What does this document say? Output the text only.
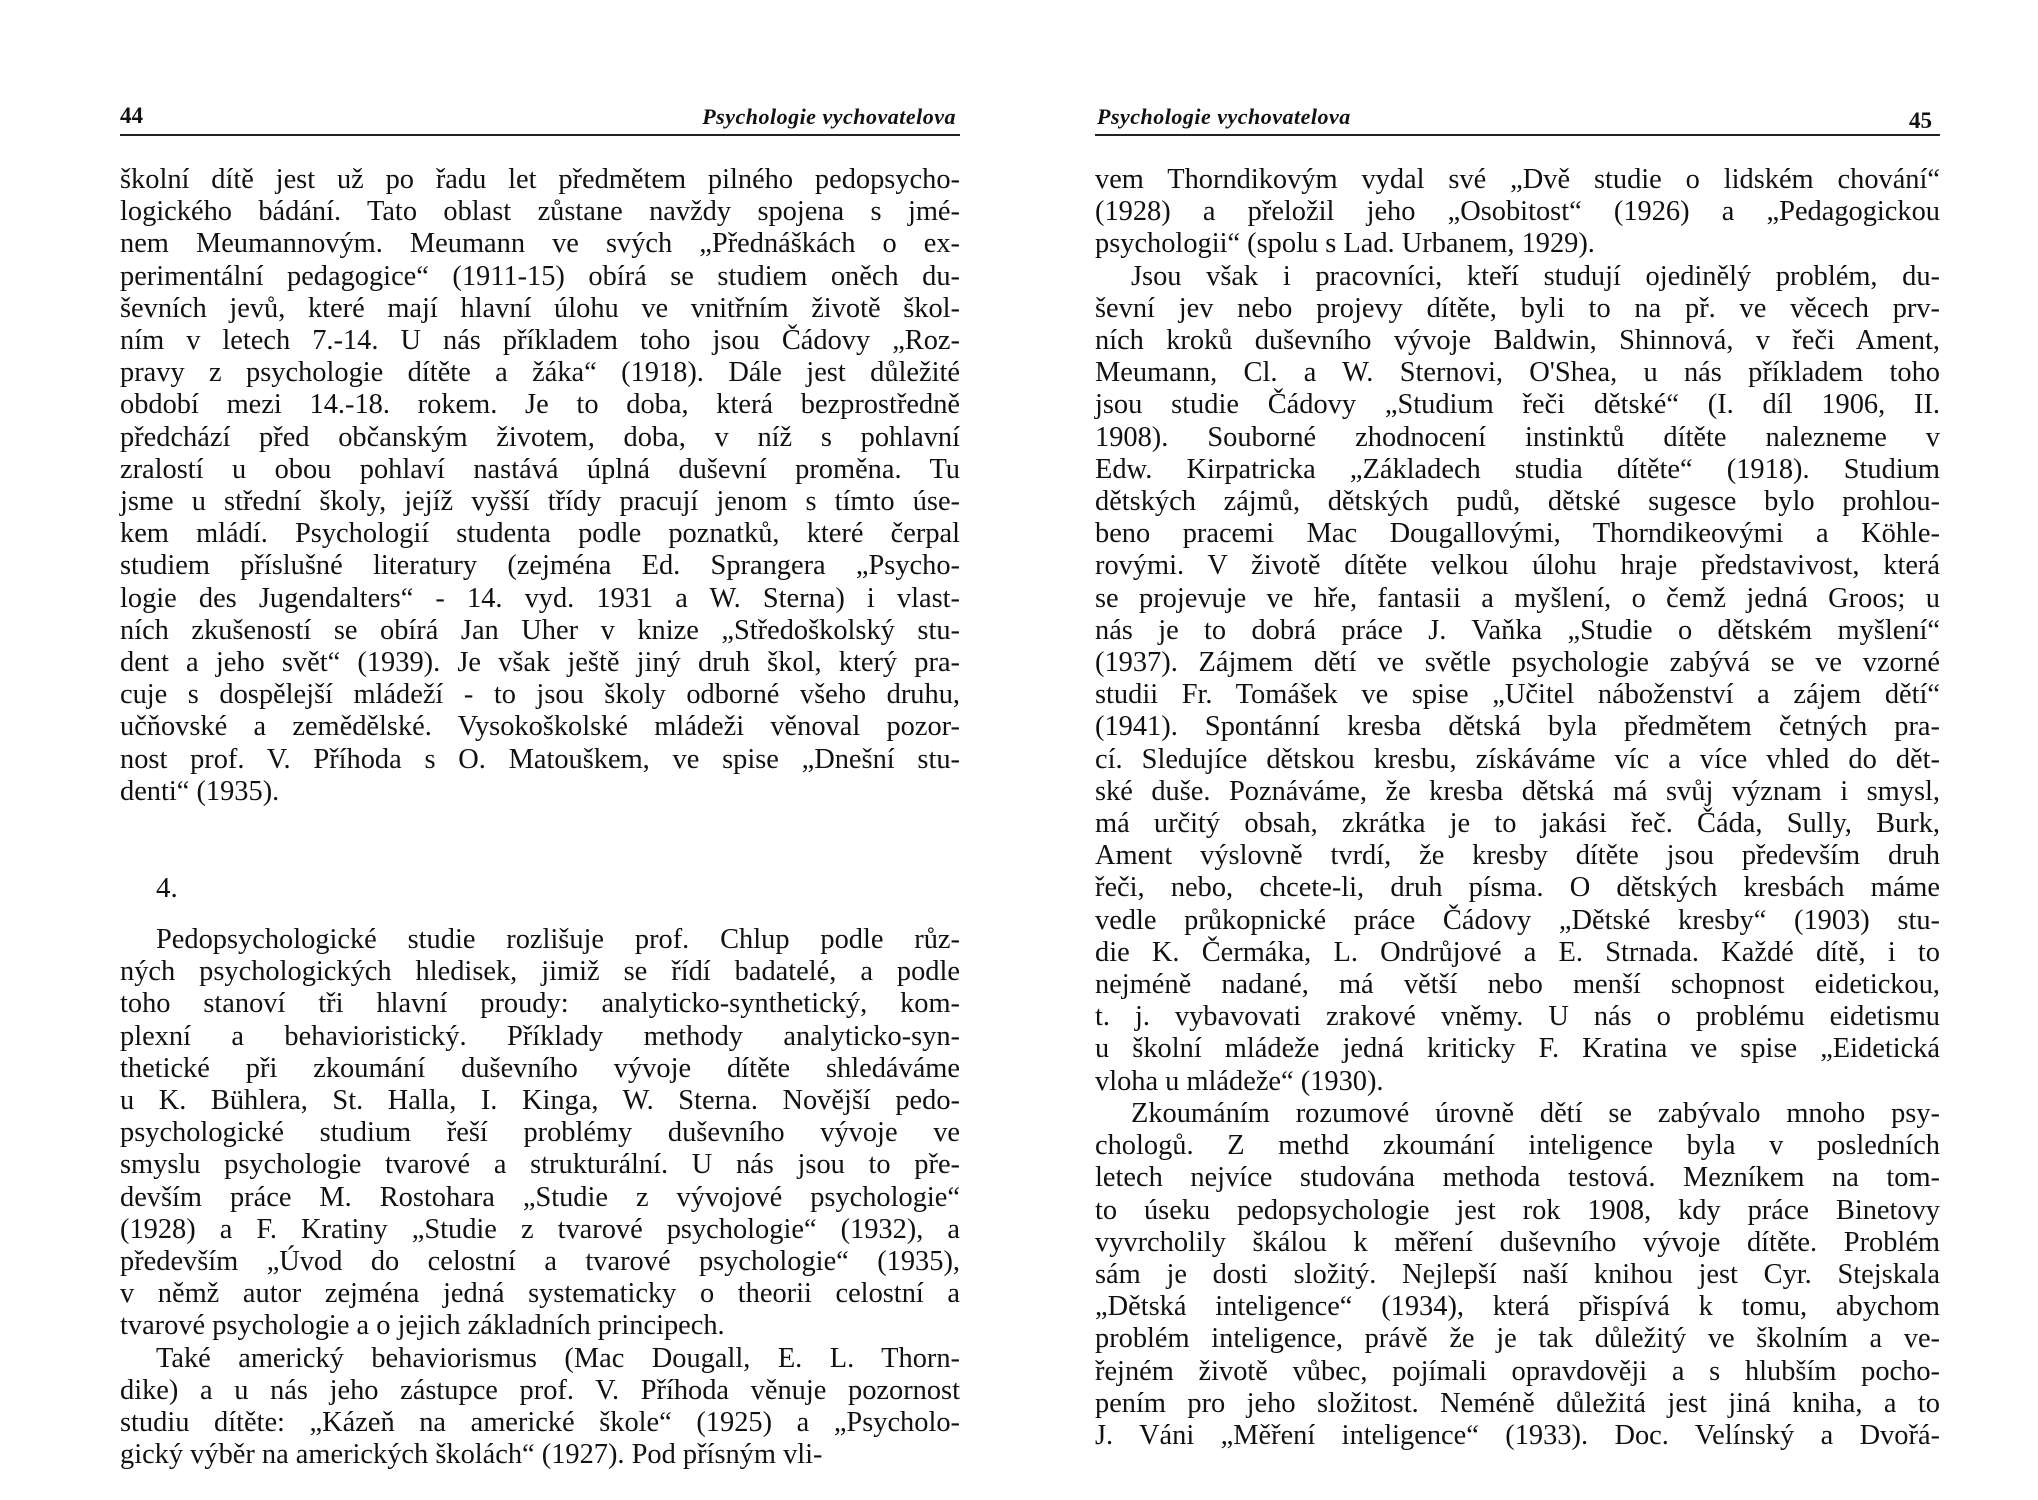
44	Psychologie vychovatelova
školní dítě jest už po řadu let předmětem pilného pedopsycho-
logického bádání. Tato oblast zůstane navždy spojena s jmé-
nem Meumannovým. Meumann ve svých „Přednáškách o ex-
perimentální pedagogice“ (1911-15) obírá se studiem oněch du-
ševních jevů, které mají hlavní úlohu ve vnitřním životě škol-
ním v letech 7.-14. U nás příkladem toho jsou Čádovy „Roz-
pravy z psychologie dítěte a žáka“ (1918). Dále jest důležité
období mezi 14.-18. rokem. Je to doba, která bezprostředně
předchází před občanským životem, doba, v níž s pohlavní
zralostí u obou pohlaví nastává úplná duševní proměna. Tu
jsme u střední školy, jejíž vyšší třídy pracují jenom s tímto úse-
kem mládí. Psychologií studenta podle poznatků, které čerpal
studiem příslušné literatury (zejména Ed. Sprangera „Psycho-
logie des Jugendalters“ - 14. vyd. 1931 a W. Sterna) i vlast-
ních zkušeností se obírá Jan Uher v knize „Středoškolský stu-
dent a jeho svět“ (1939). Je však ještě jiný druh škol, který pra-
cuje s dospělejší mládeží - to jsou školy odborné všeho druhu,
učňovské a zemědělské. Vysokoškolské mládeži věnoval pozor-
nost prof. V. Příhoda s O. Matouškem, ve spise „Dnešní stu-
denti“ (1935).
4.
Pedopsychologické studie rozlišuje prof. Chlup podle růz-
ných psychologických hledisek, jimiž se řídí badatelé, a podle
toho stanoví tři hlavní proudy: analyticko-synthetický, kom-
plexní a behavioristický. Příklady methody analyticko-syn-
thetické při zkoumání duševního vývoje dítěte shledáváme
u K. Bühlera, St. Halla, I. Kinga, W. Sterna. Novější pedo-
psychologické studium řeší problémy duševního vývoje ve
smyslu psychologie tvarové a strukturální. U nás jsou to pře-
devším práce M. Rostohara „Studie z vývojové psychologie“
(1928) a F. Kratiny „Studie z tvarové psychologie“ (1932), a
především „Úvod do celostní a tvarové psychologie“ (1935),
v němž autor zejména jedná systematicky o theorii celostní a
tvarové psychologie a o jejich základních principech.
Také americký behaviorismus (Mac Dougall, E. L. Thorn-
dike) a u nás jeho zástupce prof. V. Příhoda věnuje pozornost
studiu dítěte: „Kázeň na americké škole“ (1925) a „Psycholo-
gický výběr na amerických školách“ (1927). Pod přísným vli-
Psychologie vychovatelova	45
vem Thorndikovým vydal své „Dvě studie o lidském chování“
(1928) a přeložil jeho „Osobitost“ (1926) a „Pedagogickou
psychologii“ (spolu s Lad. Urbanem, 1929).
Jsou však i pracovníci, kteří studují ojedinělý problém, du-
ševní jev nebo projevy dítěte, byli to na př. ve věcech prv-
ních kroků duševního vývoje Baldwin, Shinnová, v řeči Ament,
Meumann, Cl. a W. Sternovi, O'Shea, u nás příkladem toho
jsou studie Čádovy „Studium řeči dětské“ (I. díl 1906, II.
1908). Souborné zhodnocení instinktů dítěte nalezneme v
Edw. Kirpatricka „Základech studia dítěte“ (1918). Studium
dětských zájmů, dětských pudů, dětské sugesce bylo prohlou-
beno pracemi Mac Dougallovými, Thorndikeovými a Köhle-
rovými. V životě dítěte velkou úlohu hraje představivost, která
se projevuje ve hře, fantasii a myšlení, o čemž jedná Groos; u
nás je to dobrá práce J. Vaňka „Studie o dětském myšlení“
(1937). Zájmem dětí ve světle psychologie zabývá se ve vzorné
studii Fr. Tomášek ve spise „Učitel náboženství a zájem dětí“
(1941). Spontánní kresba dětská byla předmětem četných pra-
cí. Sledujíce dětskou kresbu, získáváme víc a více vhled do dět-
ské duše. Poznáváme, že kresba dětská má svůj význam i smysl,
má určitý obsah, zkrátka je to jakási řeč. Čáda, Sully, Burk,
Ament výslovně tvrdí, že kresby dítěte jsou především druh
řeči, nebo, chcete-li, druh písma. O dětských kresbách máme
vedle průkopnické práce Čádovy „Dětské kresby“ (1903) stu-
die K. Čermáka, L. Ondrůjové a E. Strnada. Každé dítě, i to
nejméně nadané, má větší nebo menší schopnost eidetickou,
t. j. vybavovati zrakové vněmy. U nás o problému eidetismu
u školní mládeže jedná kriticky F. Kratina ve spise „Eidetická
vloha u mládeže“ (1930).
Zkoumáním rozumové úrovně dětí se zabývalo mnoho psy-
chologů. Z methd zkoumání inteligence byla v posledních
letech nejvíce studována methoda testová. Mezníkem na tom-
to úseku pedopsychologie jest rok 1908, kdy práce Binetovy
vyvrcholily škálou k měření duševního vývoje dítěte. Problém
sám je dosti složitý. Nejlepší naší knihou jest Cyr. Stejskala
„Dětská inteligence“ (1934), která přispívá k tomu, abychom
problém inteligence, právě že je tak důležitý ve školním a ve-
řejném životě vůbec, pojímali opravdověji a s hlubším pocho-
pením pro jeho složitost. Neméně důležitá jest jiná kniha, a to
J. Váni „Měření inteligence“ (1933). Doc. Velínský a Dvořá-
